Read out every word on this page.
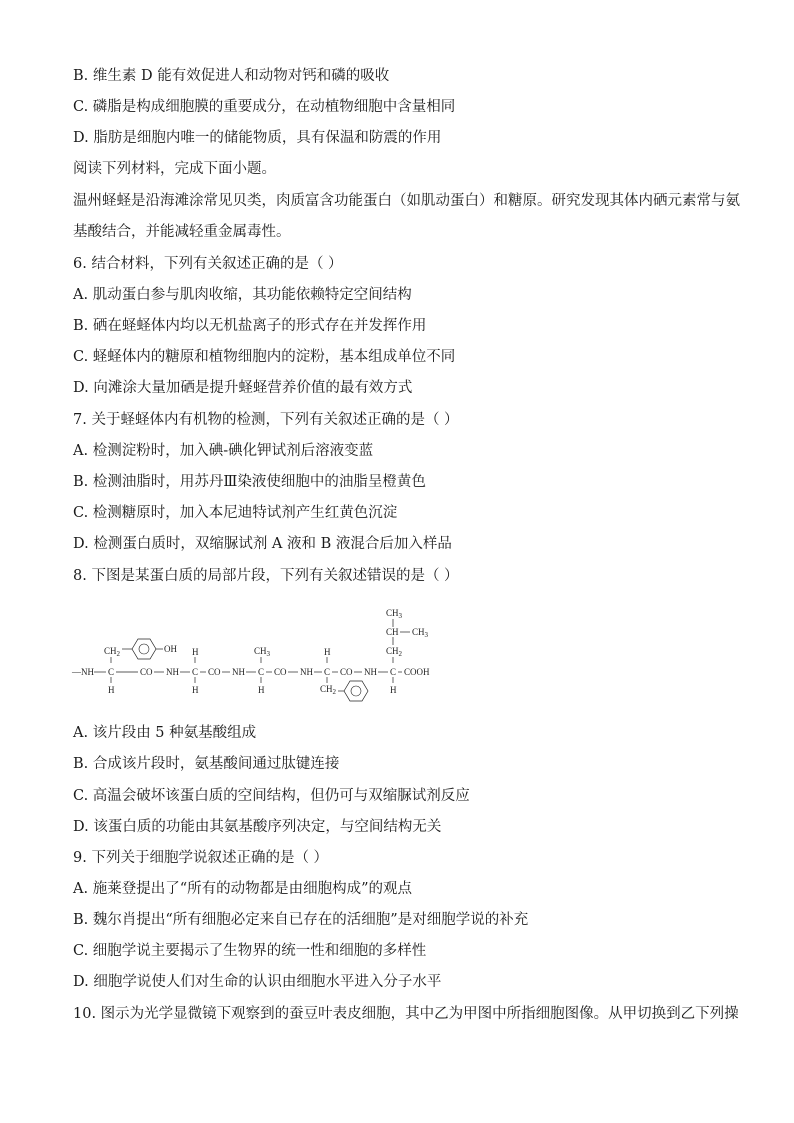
B. 维生素 D 能有效促进人和动物对钙和磷的吸收
C. 磷脂是构成细胞膜的重要成分，在动植物细胞中含量相同
D. 脂肪是细胞内唯一的储能物质，具有保温和防震的作用
阅读下列材料，完成下面小题。
温州蛏蛏是沿海滩涂常见贝类，肉质富含功能蛋白（如肌动蛋白）和糖原。研究发现其体内硒元素常与氨
基酸结合，并能减轻重金属毒性。
6. 结合材料，下列有关叙述正确的是（ ）
A. 肌动蛋白参与肌肉收缩，其功能依赖特定空间结构
B. 硒在蛏蛏体内均以无机盐离子的形式存在并发挥作用
C. 蛏蛏体内的糖原和植物细胞内的淀粉，基本组成单位不同
D. 向滩涂大量加硒是提升蛏蛏营养价值的最有效方式
7. 关于蛏蛏体内有机物的检测，下列有关叙述正确的是（ ）
A. 检测淀粉时，加入碘-碘化钾试剂后溶液变蓝
B. 检测油脂时，用苏丹Ⅲ染液使细胞中的油脂呈橙黄色
C. 检测糖原时，加入本尼迪特试剂产生红黄色沉淀
D. 检测蛋白质时，双缩脲试剂 A 液和 B 液混合后加入样品
8. 下图是某蛋白质的局部片段，下列有关叙述错误的是（ ）
—NH C	CO NH C CO NH C CO NH C CO NH C COOH
H
H
H	H
H
H
$CH_2$	OH	$CH_3$
$CH_2$
$CH_2$
CH $CH_3$
$CH_3$
A. 该片段由 5 种氨基酸组成
B. 合成该片段时，氨基酸间通过肽键连接
C. 高温会破坏该蛋白质的空间结构，但仍可与双缩脲试剂反应
D. 该蛋白质的功能由其氨基酸序列决定，与空间结构无关
9. 下列关于细胞学说叙述正确的是（ ）
A. 施莱登提出了“所有的动物都是由细胞构成”的观点
B. 魏尔肖提出“所有细胞必定来自已存在的活细胞”是对细胞学说的补充
C. 细胞学说主要揭示了生物界的统一性和细胞的多样性
D. 细胞学说使人们对生命的认识由细胞水平进入分子水平
10. 图示为光学显微镜下观察到的蚕豆叶表皮细胞，其中乙为甲图中所指细胞图像。从甲切换到乙下列操
